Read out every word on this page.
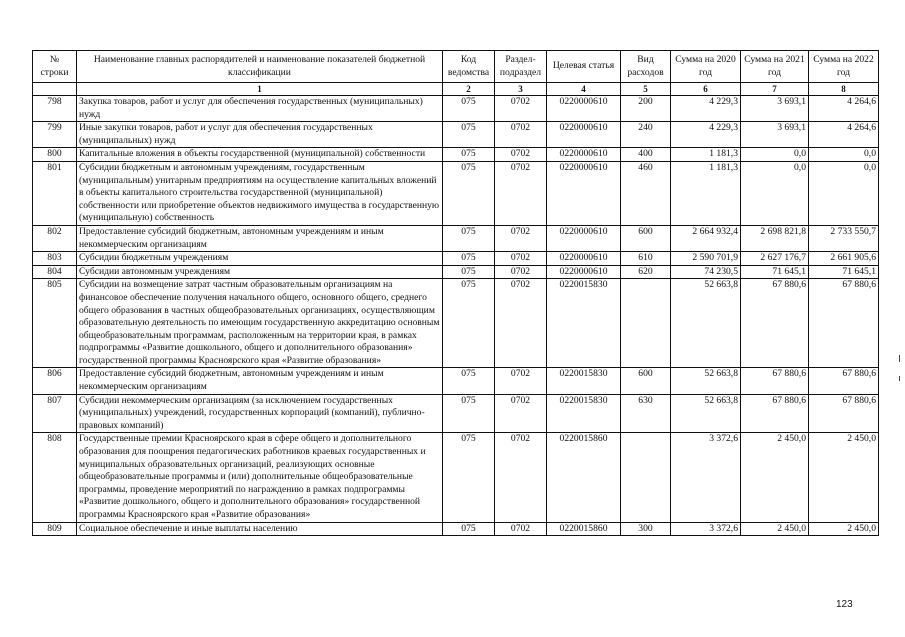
№ строки	Наименование главных распорядителей и наименование показателей бюджетной классификации	Код ведомства	Раздел-подраздел	Целевая статья	Вид расходов	Сумма на 2020 год	Сумма на 2021 год	Сумма на 2022 год
	1	2	3	4	5	6	7	8
798	Закупка товаров, работ и услуг для обеспечения государственных (муниципальных) нужд	075	0702	0220000610	200	4 229,3	3 693,1	4 264,6
799	Иные закупки товаров, работ и услуг для обеспечения государственных (муниципальных) нужд	075	0702	0220000610	240	4 229,3	3 693,1	4 264,6
800	Капитальные вложения в объекты государственной (муниципальной) собственности	075	0702	0220000610	400	1 181,3	0,0	0,0
801	Субсидии бюджетным и автономным учреждениям, государственным (муниципальным) унитарным предприятиям на осуществление капитальных вложений в объекты капитального строительства государственной (муниципальной) собственности или приобретение объектов недвижимого имущества в государственную (муниципальную) собственность	075	0702	0220000610	460	1 181,3	0,0	0,0
802	Предоставление субсидий бюджетным, автономным учреждениям и иным некоммерческим организациям	075	0702	0220000610	600	2 664 932,4	2 698 821,8	2 733 550,7
803	Субсидии бюджетным учреждениям	075	0702	0220000610	610	2 590 701,9	2 627 176,7	2 661 905,6
804	Субсидии автономным учреждениям	075	0702	0220000610	620	74 230,5	71 645,1	71 645,1
805	Субсидии на возмещение затрат частным образовательным организациям на финансовое обеспечение получения начального общего, основного общего, среднего общего образования в частных общеобразовательных организациях, осуществляющим образовательную деятельность по имеющим государственную аккредитацию основным общеобразовательным программам, расположенным на территории края, в рамках подпрограммы «Развитие дошкольного, общего и дополнительного образования» государственной программы Красноярского края «Развитие образования»	075	0702	0220015830		52 663,8	67 880,6	67 880,6
806	Предоставление субсидий бюджетным, автономным учреждениям и иным некоммерческим организациям	075	0702	0220015830	600	52 663,8	67 880,6	67 880,6
807	Субсидии некоммерческим организациям (за исключением государственных (муниципальных) учреждений, государственных корпораций (компаний), публично-правовых компаний)	075	0702	0220015830	630	52 663,8	67 880,6	67 880,6
808	Государственные премии Красноярского края в сфере общего и дополнительного образования для поощрения педагогических работников краевых государственных и муниципальных образовательных организаций, реализующих основные общеобразовательные программы и (или) дополнительные общеобразовательные программы, проведение мероприятий по награждению в рамках подпрограммы «Развитие дошкольного, общего и дополнительного образования» государственной программы Красноярского края «Развитие образования»	075	0702	0220015860		3 372,6	2 450,0	2 450,0
809	Социальное обеспечение и иные выплаты населению	075	0702	0220015860	300	3 372,6	2 450,0	2 450,0
123
